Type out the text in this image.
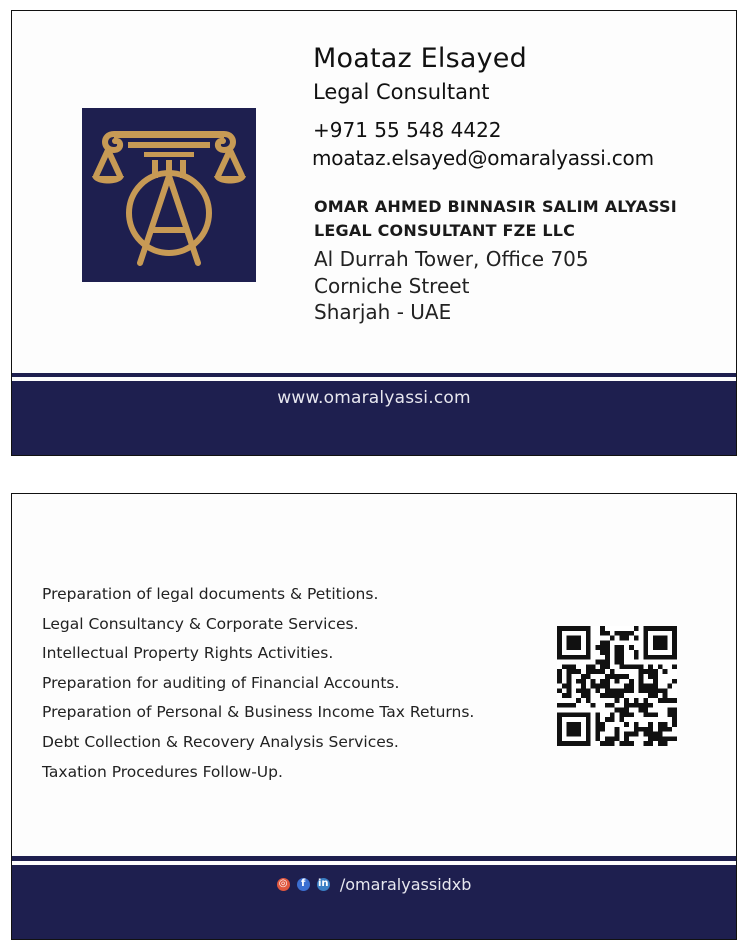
Moataz Elsayed
Legal Consultant
+971 55 548 4422
moataz.elsayed@omaralyassi.com
OMAR AHMED BINNASIR SALIM ALYASSI
LEGAL CONSULTANT FZE LLC
Al Durrah Tower, Office 705
Corniche Street
Sharjah - UAE
www.omaralyassi.com
Preparation of legal documents & Petitions.
Legal Consultancy & Corporate Services.
Intellectual Property Rights Activities.
Preparation for auditing of Financial Accounts.
Preparation of Personal & Business Income Tax Returns.
Debt Collection & Recovery Analysis Services.
Taxation Procedures Follow-Up.
◎
	f
	in /omaralyassidxb
